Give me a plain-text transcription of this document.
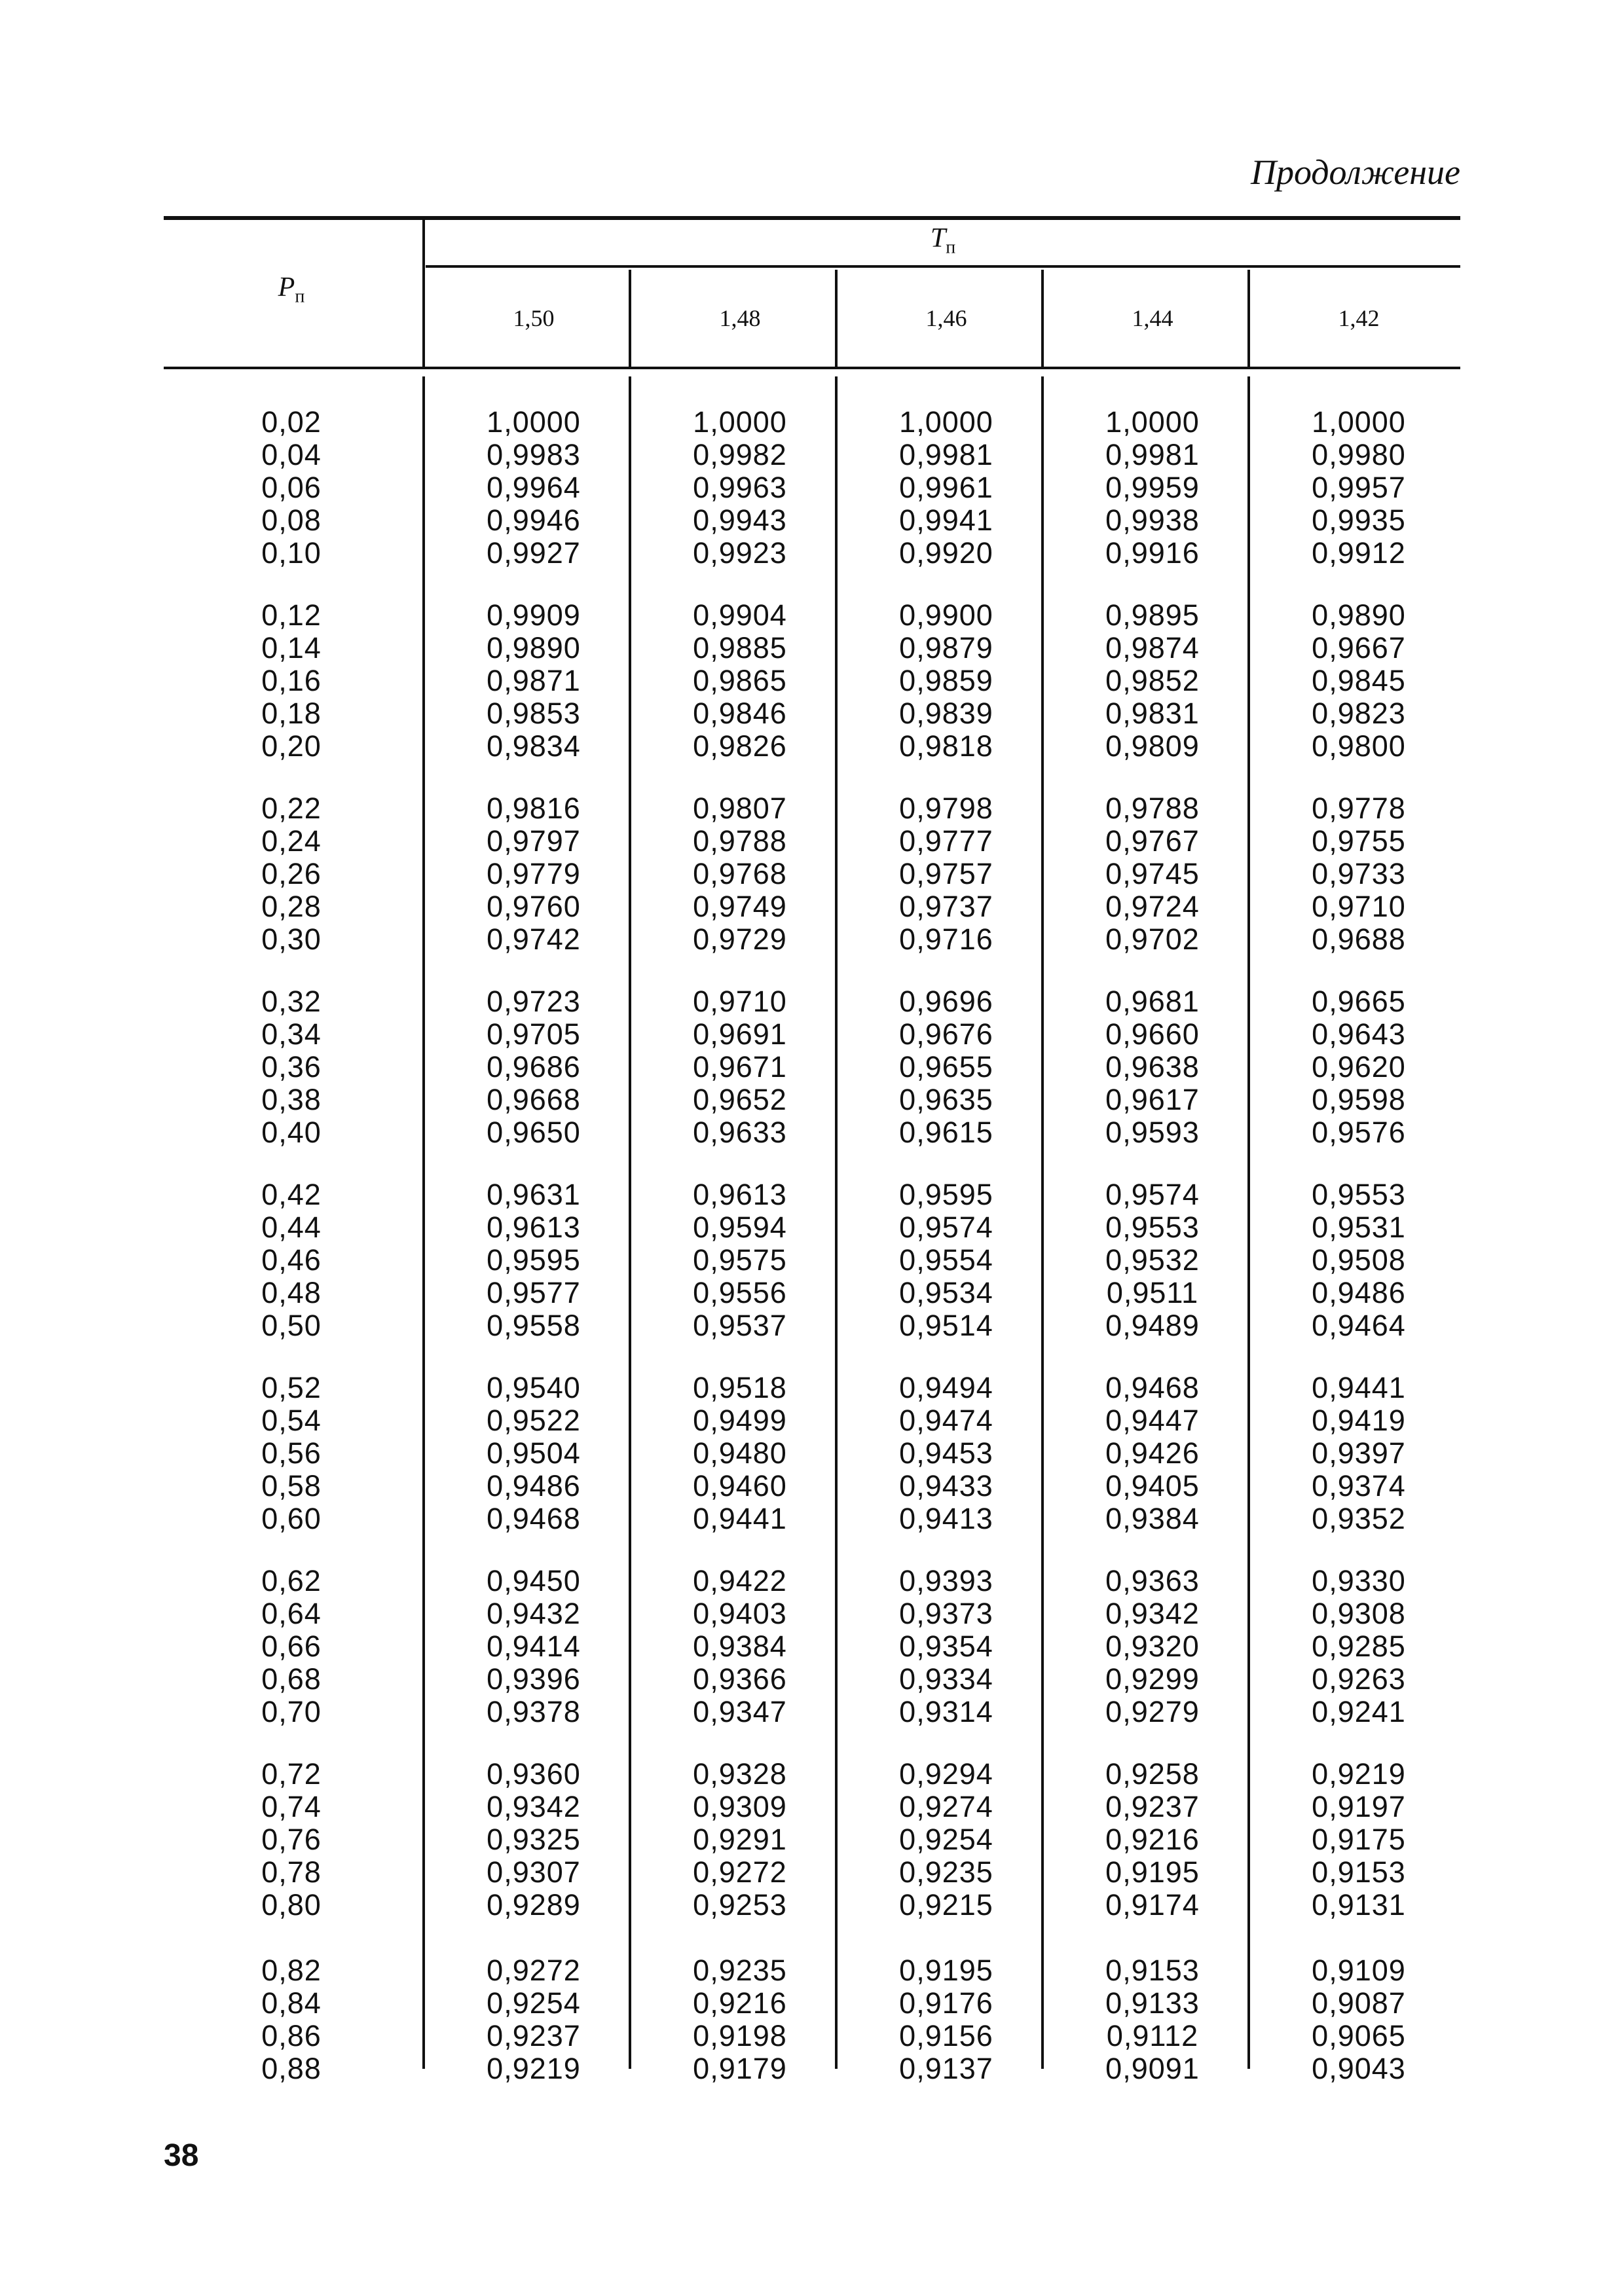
Продолжение
$P_п$
$T_п$
1,50	1,48	1,46	1,44	1,42
0,02	1,0000	1,0000	1,0000	1,0000	1,0000
0,04	0,9983	0,9982	0,9981	0,9981	0,9980
0,06	0,9964	0,9963	0,9961	0,9959	0,9957
0,08	0,9946	0,9943	0,9941	0,9938	0,9935
0,10	0,9927	0,9923	0,9920	0,9916	0,9912
0,12	0,9909	0,9904	0,9900	0,9895	0,9890
0,14	0,9890	0,9885	0,9879	0,9874	0,9667
0,16	0,9871	0,9865	0,9859	0,9852	0,9845
0,18	0,9853	0,9846	0,9839	0,9831	0,9823
0,20	0,9834	0,9826	0,9818	0,9809	0,9800
0,22	0,9816	0,9807	0,9798	0,9788	0,9778
0,24	0,9797	0,9788	0,9777	0,9767	0,9755
0,26	0,9779	0,9768	0,9757	0,9745	0,9733
0,28	0,9760	0,9749	0,9737	0,9724	0,9710
0,30	0,9742	0,9729	0,9716	0,9702	0,9688
0,32	0,9723	0,9710	0,9696	0,9681	0,9665
0,34	0,9705	0,9691	0,9676	0,9660	0,9643
0,36	0,9686	0,9671	0,9655	0,9638	0,9620
0,38	0,9668	0,9652	0,9635	0,9617	0,9598
0,40	0,9650	0,9633	0,9615	0,9593	0,9576
0,42	0,9631	0,9613	0,9595	0,9574	0,9553
0,44	0,9613	0,9594	0,9574	0,9553	0,9531
0,46	0,9595	0,9575	0,9554	0,9532	0,9508
0,48	0,9577	0,9556	0,9534	0,9511	0,9486
0,50	0,9558	0,9537	0,9514	0,9489	0,9464
0,52	0,9540	0,9518	0,9494	0,9468	0,9441
0,54	0,9522	0,9499	0,9474	0,9447	0,9419
0,56	0,9504	0,9480	0,9453	0,9426	0,9397
0,58	0,9486	0,9460	0,9433	0,9405	0,9374
0,60	0,9468	0,9441	0,9413	0,9384	0,9352
0,62	0,9450	0,9422	0,9393	0,9363	0,9330
0,64	0,9432	0,9403	0,9373	0,9342	0,9308
0,66	0,9414	0,9384	0,9354	0,9320	0,9285
0,68	0,9396	0,9366	0,9334	0,9299	0,9263
0,70	0,9378	0,9347	0,9314	0,9279	0,9241
0,72	0,9360	0,9328	0,9294	0,9258	0,9219
0,74	0,9342	0,9309	0,9274	0,9237	0,9197
0,76	0,9325	0,9291	0,9254	0,9216	0,9175
0,78	0,9307	0,9272	0,9235	0,9195	0,9153
0,80	0,9289	0,9253	0,9215	0,9174	0,9131
0,82	0,9272	0,9235	0,9195	0,9153	0,9109
0,84	0,9254	0,9216	0,9176	0,9133	0,9087
0,86	0,9237	0,9198	0,9156	0,9112	0,9065
0,88	0,9219	0,9179	0,9137	0,9091	0,9043
38
